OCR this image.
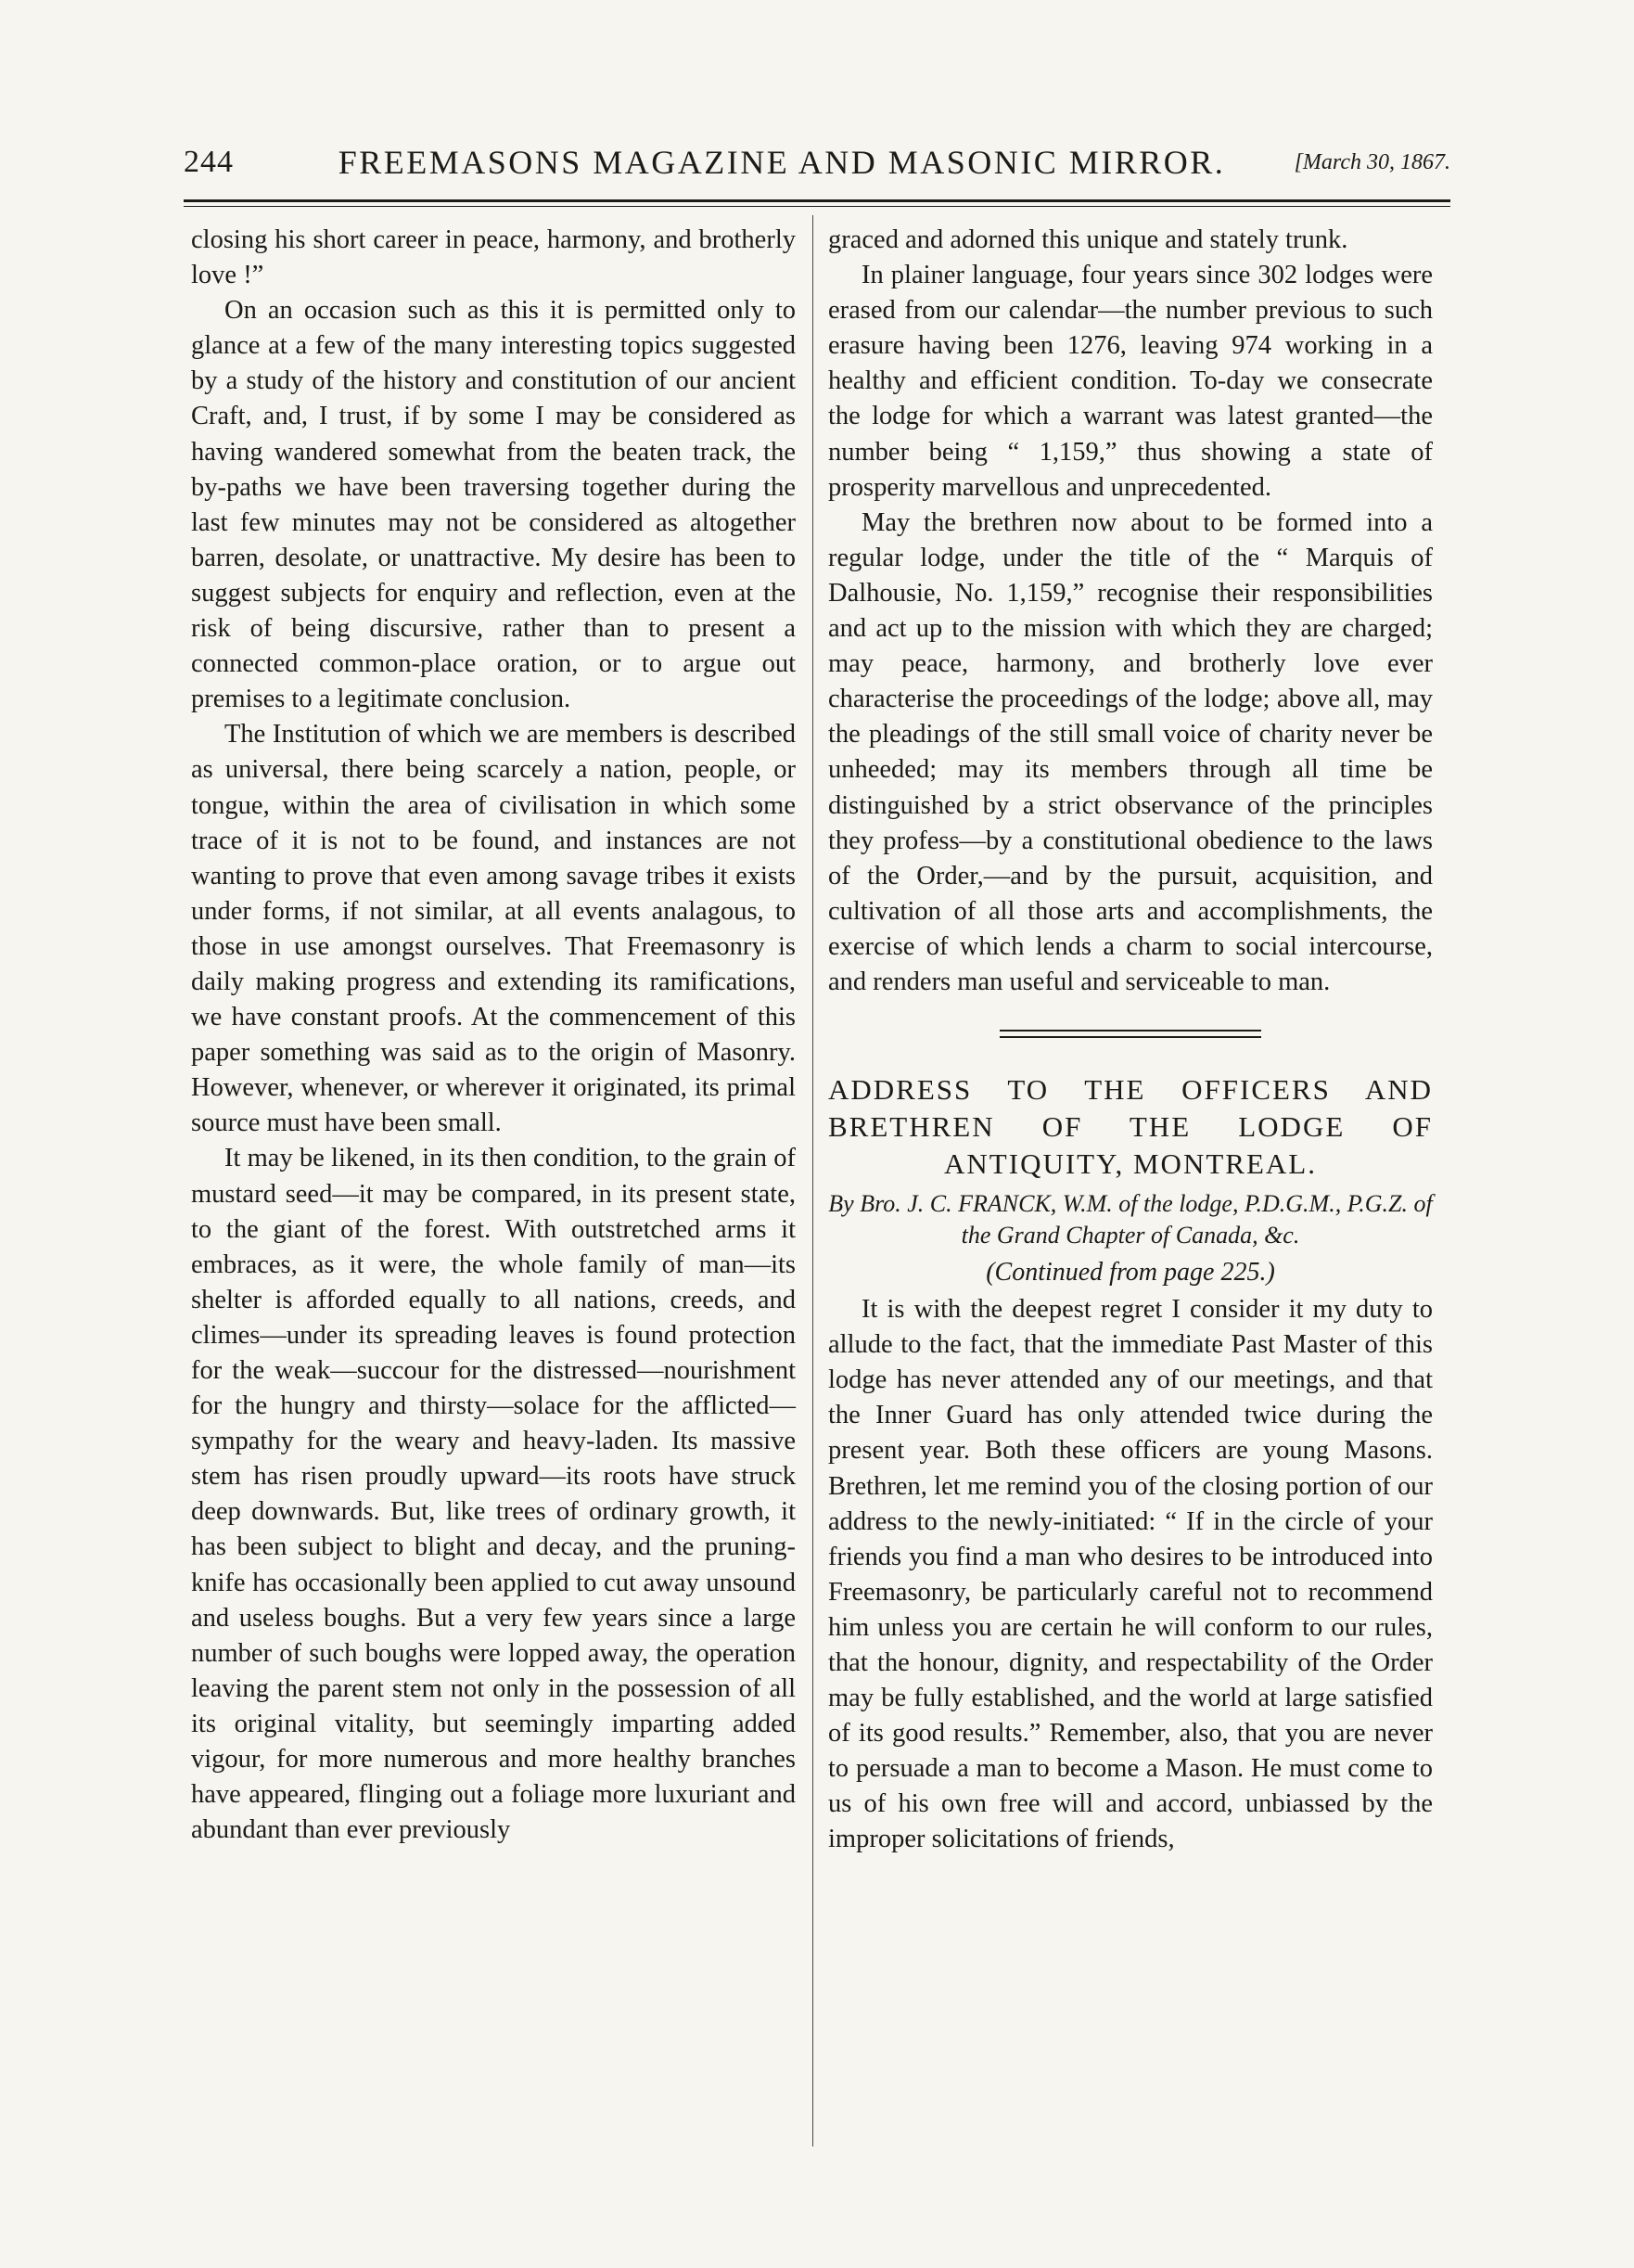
244	FREEMASONS MAGAZINE AND MASONIC MIRROR.	[March 30, 1867.

closing his short career in peace, harmony, and brotherly love !”

On an occasion such as this it is permitted only to glance at a few of the many interesting topics suggested by a study of the history and constitution of our ancient Craft, and, I trust, if by some I may be considered as having wandered somewhat from the beaten track, the by-paths we have been traversing together during the last few minutes may not be considered as altogether barren, desolate, or unattractive. My desire has been to suggest subjects for enquiry and reflection, even at the risk of being discursive, rather than to present a connected common-place oration, or to argue out premises to a legitimate conclusion.

The Institution of which we are members is described as universal, there being scarcely a nation, people, or tongue, within the area of civilisation in which some trace of it is not to be found, and instances are not wanting to prove that even among savage tribes it exists under forms, if not similar, at all events analagous, to those in use amongst ourselves. That Freemasonry is daily making progress and extending its ramifications, we have constant proofs. At the commencement of this paper something was said as to the origin of Masonry. However, whenever, or wherever it originated, its primal source must have been small.

It may be likened, in its then condition, to the grain of mustard seed—it may be compared, in its present state, to the giant of the forest. With outstretched arms it embraces, as it were, the whole family of man—its shelter is afforded equally to all nations, creeds, and climes—under its spreading leaves is found protection for the weak—succour for the distressed—nourishment for the hungry and thirsty—solace for the afflicted—sympathy for the weary and heavy-laden. Its massive stem has risen proudly upward—its roots have struck deep downwards. But, like trees of ordinary growth, it has been subject to blight and decay, and the pruning-knife has occasionally been applied to cut away unsound and useless boughs. But a very few years since a large number of such boughs were lopped away, the operation leaving the parent stem not only in the possession of all its original vitality, but seemingly imparting added vigour, for more numerous and more healthy branches have appeared, flinging out a foliage more luxuriant and abundant than ever previously

graced and adorned this unique and stately trunk.

In plainer language, four years since 302 lodges were erased from our calendar—the number previous to such erasure having been 1276, leaving 974 working in a healthy and efficient condition. To-day we consecrate the lodge for which a warrant was latest granted—the number being “ 1,159,” thus showing a state of prosperity marvellous and unprecedented.

May the brethren now about to be formed into a regular lodge, under the title of the “ Marquis of Dalhousie, No. 1,159,” recognise their responsibilities and act up to the mission with which they are charged; may peace, harmony, and brotherly love ever characterise the proceedings of the lodge; above all, may the pleadings of the still small voice of charity never be unheeded; may its members through all time be distinguished by a strict observance of the principles they profess—by a constitutional obedience to the laws of the Order,—and by the pursuit, acquisition, and cultivation of all those arts and accomplishments, the exercise of which lends a charm to social intercourse, and renders man useful and serviceable to man.

ADDRESS TO THE OFFICERS AND BRETHREN OF THE LODGE OF ANTIQUITY, MONTREAL.

By Bro. J. C. FRANCK, W.M. of the lodge, P.D.G.M., P.G.Z. of the Grand Chapter of Canada, &c.

(Continued from page 225.)

It is with the deepest regret I consider it my duty to allude to the fact, that the immediate Past Master of this lodge has never attended any of our meetings, and that the Inner Guard has only attended twice during the present year. Both these officers are young Masons. Brethren, let me remind you of the closing portion of our address to the newly-initiated: “ If in the circle of your friends you find a man who desires to be introduced into Freemasonry, be particularly careful not to recommend him unless you are certain he will conform to our rules, that the honour, dignity, and respectability of the Order may be fully established, and the world at large satisfied of its good results.” Remember, also, that you are never to persuade a man to become a Mason. He must come to us of his own free will and accord, unbiassed by the improper solicitations of friends,
